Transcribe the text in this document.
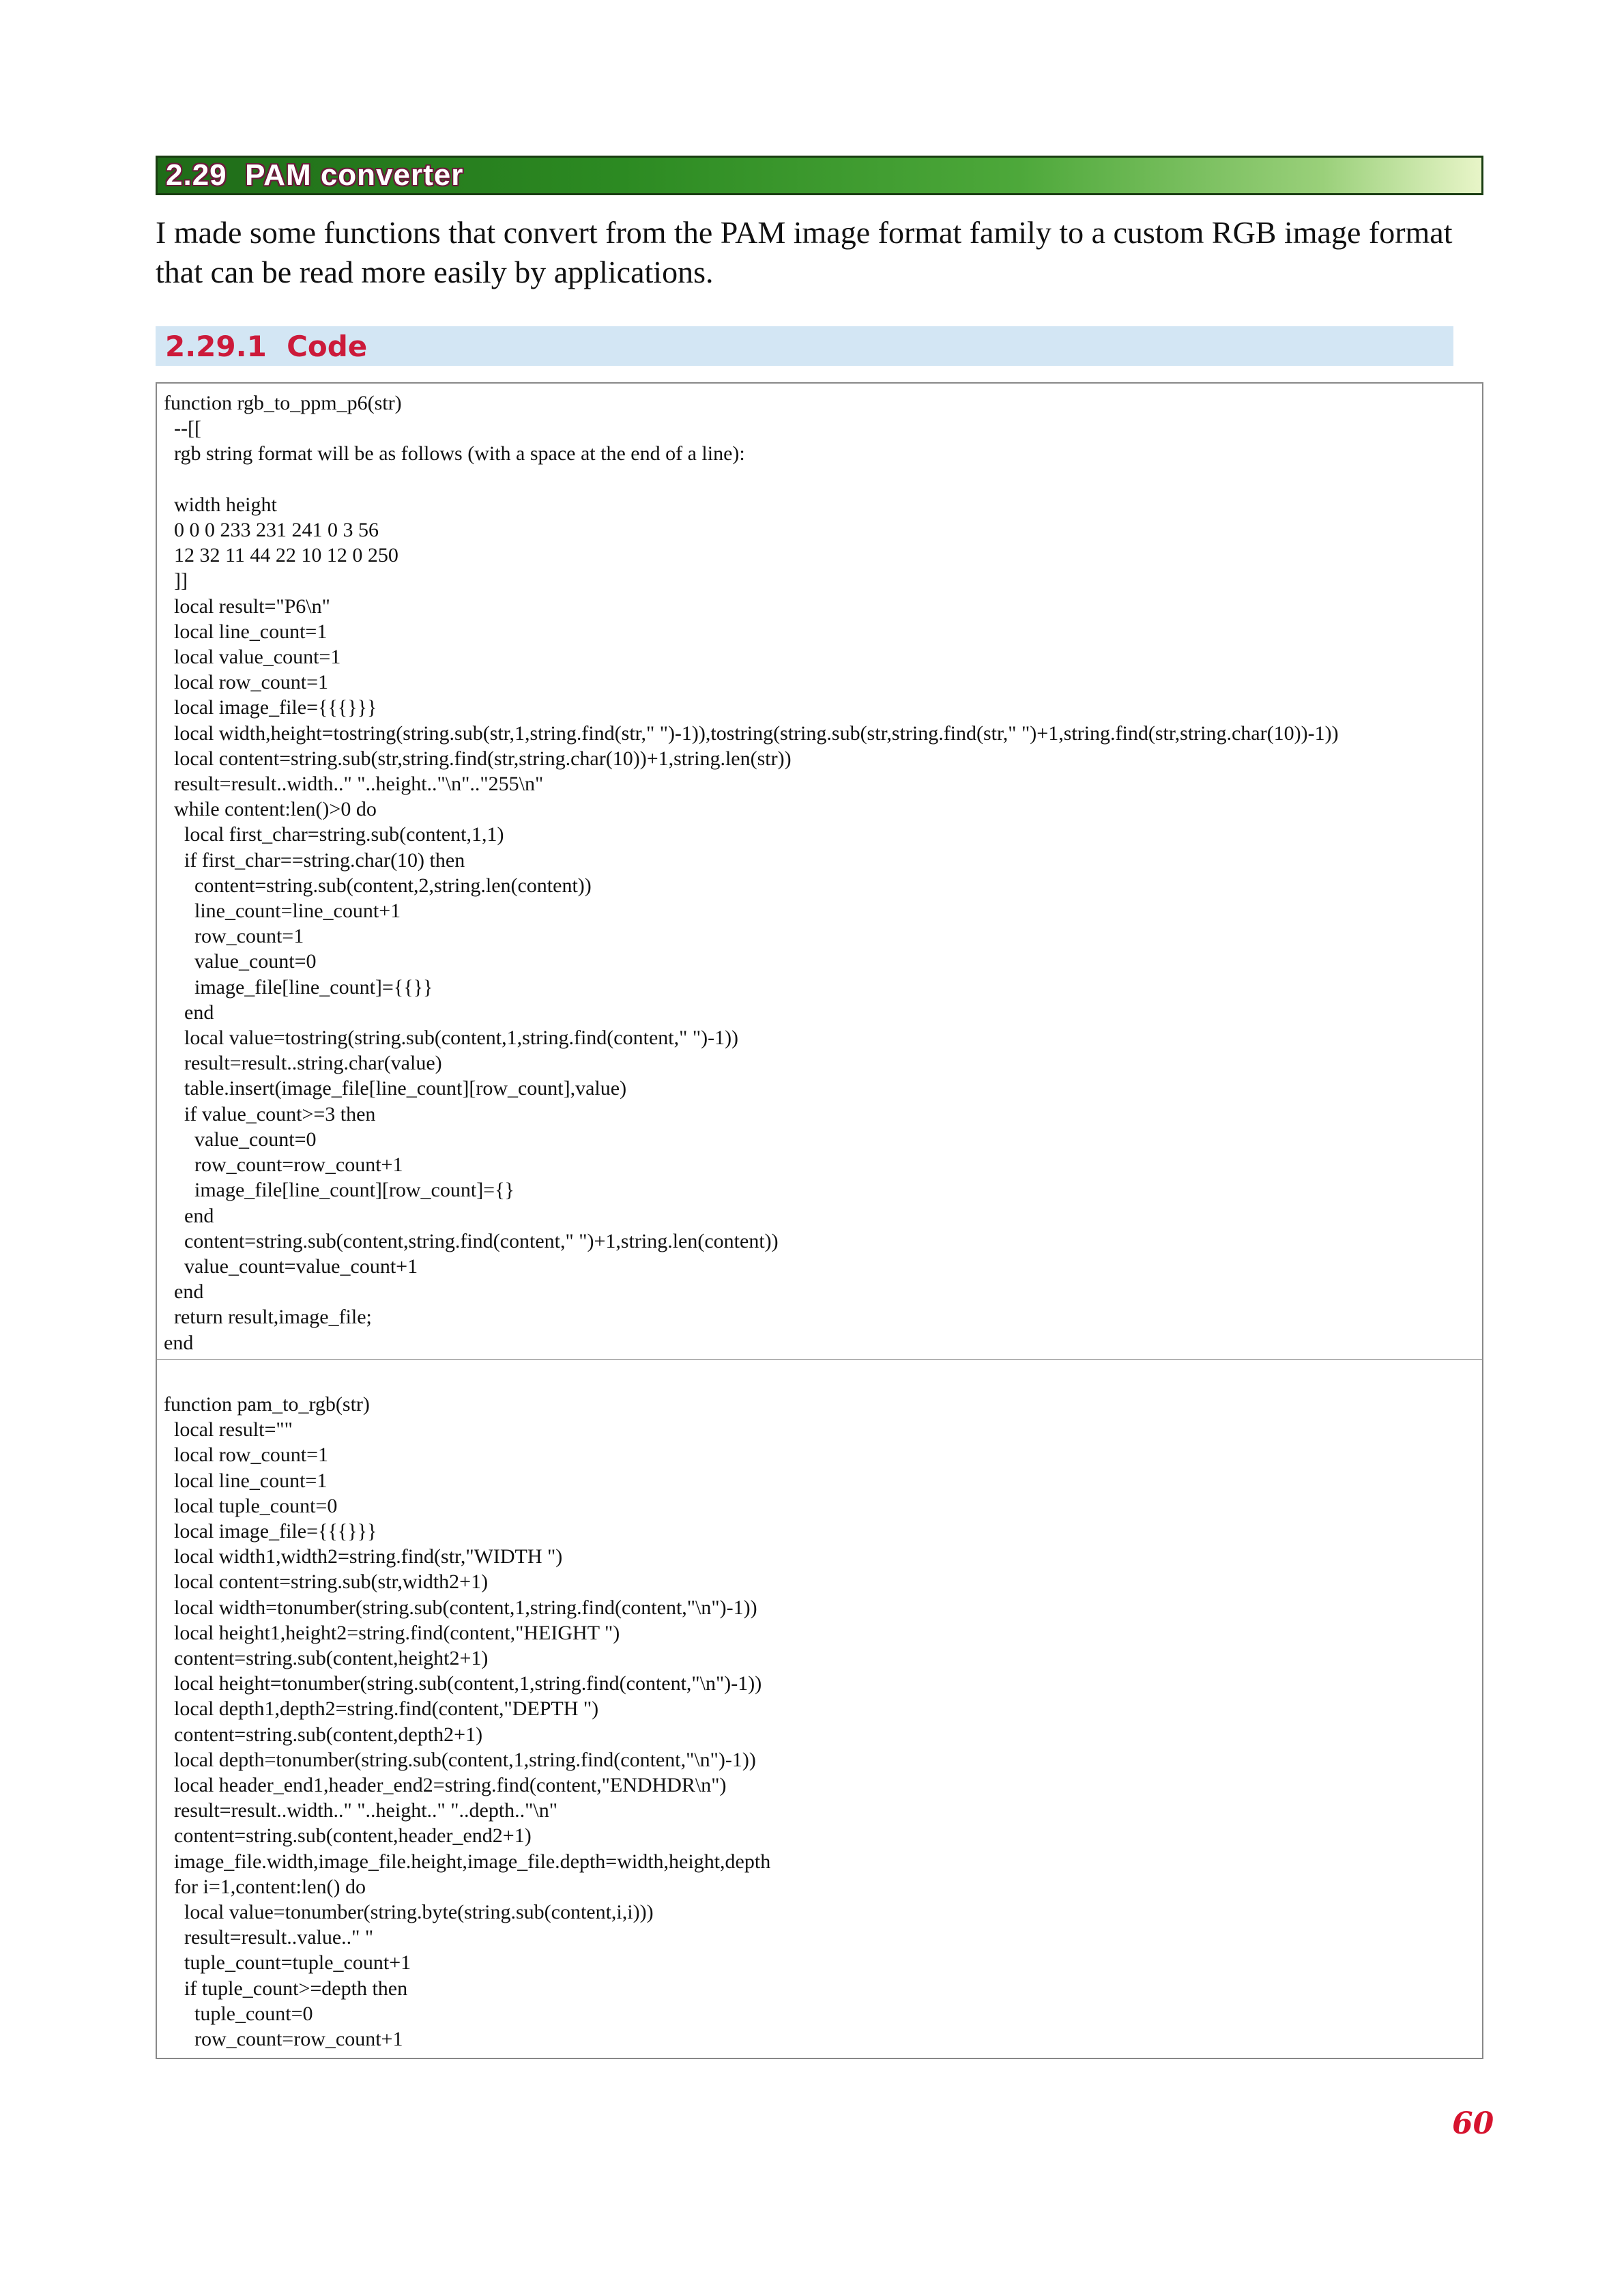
2.29 PAM converter

I made some functions that convert from the PAM image format family to a custom RGB image format that can be read more easily by applications.

2.29.1 Code
function rgb_to_ppm_p6(str)
--[[
rgb string format will be as follows (with a space at the end of a line):

width height
0 0 0 233 231 241 0 3 56
12 32 11 44 22 10 12 0 250
]]
local result="P6\n"
local line_count=1
local value_count=1
local row_count=1
local image_file={{{}}}
local width,height=tostring(string.sub(str,1,string.find(str," ")-1)),tostring(string.sub(str,string.find(str," ")+1,string.find(str,string.char(10))-1))
local content=string.sub(str,string.find(str,string.char(10))+1,string.len(str))
result=result..width.." "..height.."\n".."255\n"
while content:len()>0 do
local first_char=string.sub(content,1,1)
if first_char==string.char(10) then
content=string.sub(content,2,string.len(content))
line_count=line_count+1
row_count=1
value_count=0
image_file[line_count]={{}}
end
local value=tostring(string.sub(content,1,string.find(content," ")-1))
result=result..string.char(value)
table.insert(image_file[line_count][row_count],value)
if value_count>=3 then
value_count=0
row_count=row_count+1
image_file[line_count][row_count]={}
end
content=string.sub(content,string.find(content," ")+1,string.len(content))
value_count=value_count+1
end
return result,image_file;
end
function pam_to_rgb(str)
local result=""
local row_count=1
local line_count=1
local tuple_count=0
local image_file={{{}}}
local width1,width2=string.find(str,"WIDTH ")
local content=string.sub(str,width2+1)
local width=tonumber(string.sub(content,1,string.find(content,"\n")-1))
local height1,height2=string.find(content,"HEIGHT ")
content=string.sub(content,height2+1)
local height=tonumber(string.sub(content,1,string.find(content,"\n")-1))
local depth1,depth2=string.find(content,"DEPTH ")
content=string.sub(content,depth2+1)
local depth=tonumber(string.sub(content,1,string.find(content,"\n")-1))
local header_end1,header_end2=string.find(content,"ENDHDR\n")
result=result..width.." "..height.." "..depth.."\n"
content=string.sub(content,header_end2+1)
image_file.width,image_file.height,image_file.depth=width,height,depth
for i=1,content:len() do
local value=tonumber(string.byte(string.sub(content,i,i)))
result=result..value.." "
tuple_count=tuple_count+1
if tuple_count>=depth then
tuple_count=0
row_count=row_count+1
60
